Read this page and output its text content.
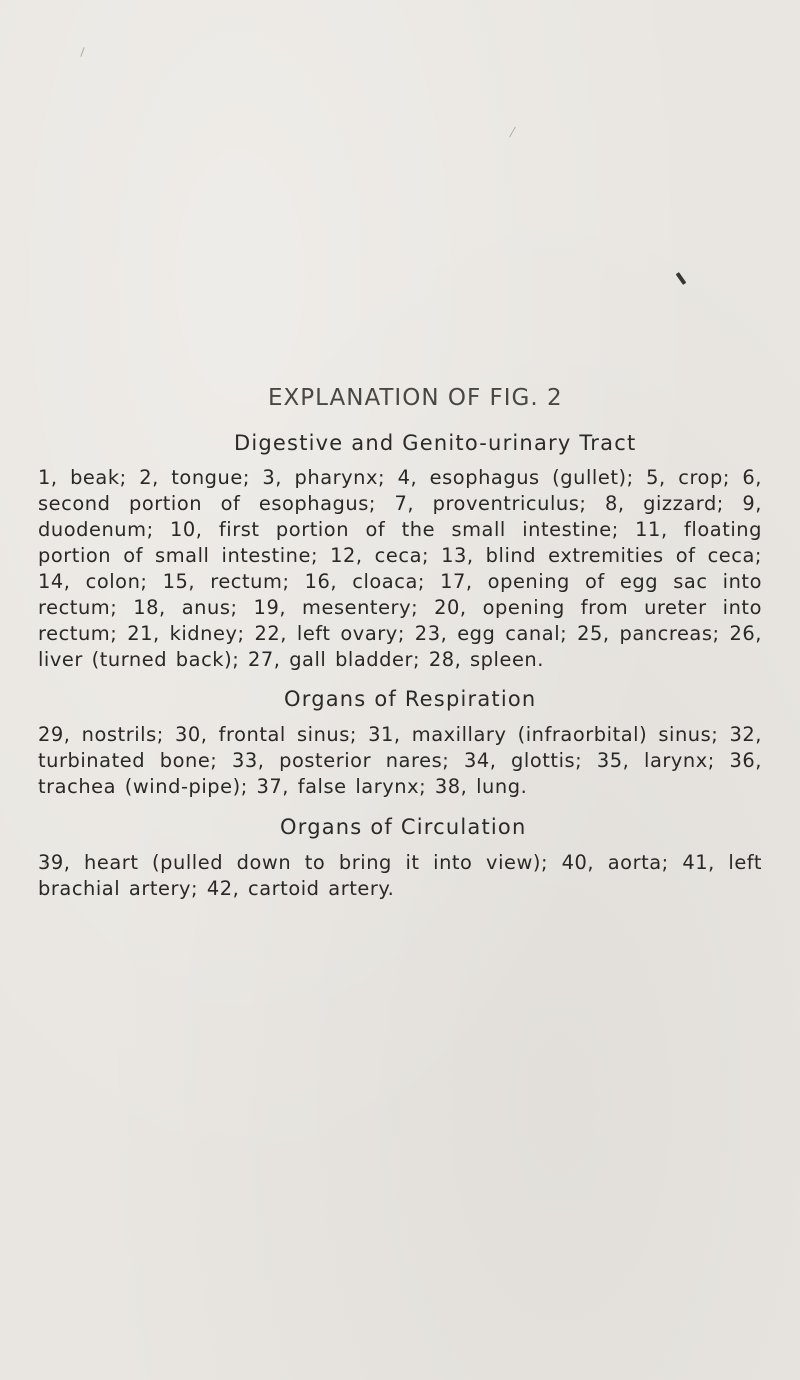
EXPLANATION OF FIG. 2
Digestive and Genito-urinary Tract

1, beak; 2, tongue; 3, pharynx; 4, esophagus (gullet); 5, crop; 6, second portion of esophagus; 7, proventriculus; 8, gizzard; 9, duodenum; 10, first portion of the small intestine; 11, floating portion of small intestine; 12, ceca; 13, blind extremities of ceca; 14, colon; 15, rectum; 16, cloaca; 17, opening of egg sac into rectum; 18, anus; 19, mesentery; 20, opening from ureter into rectum; 21, kidney; 22, left ovary; 23, egg canal; 25, pancreas; 26, liver (turned back); 27, gall bladder; 28, spleen.

Organs of Respiration

29, nostrils; 30, frontal sinus; 31, maxillary (infraorbital) sinus; 32, turbinated bone; 33, posterior nares; 34, glottis; 35, larynx; 36, trachea (wind-pipe); 37, false larynx; 38, lung.

Organs of Circulation

39, heart (pulled down to bring it into view); 40, aorta; 41, left brachial artery; 42, cartoid artery.
